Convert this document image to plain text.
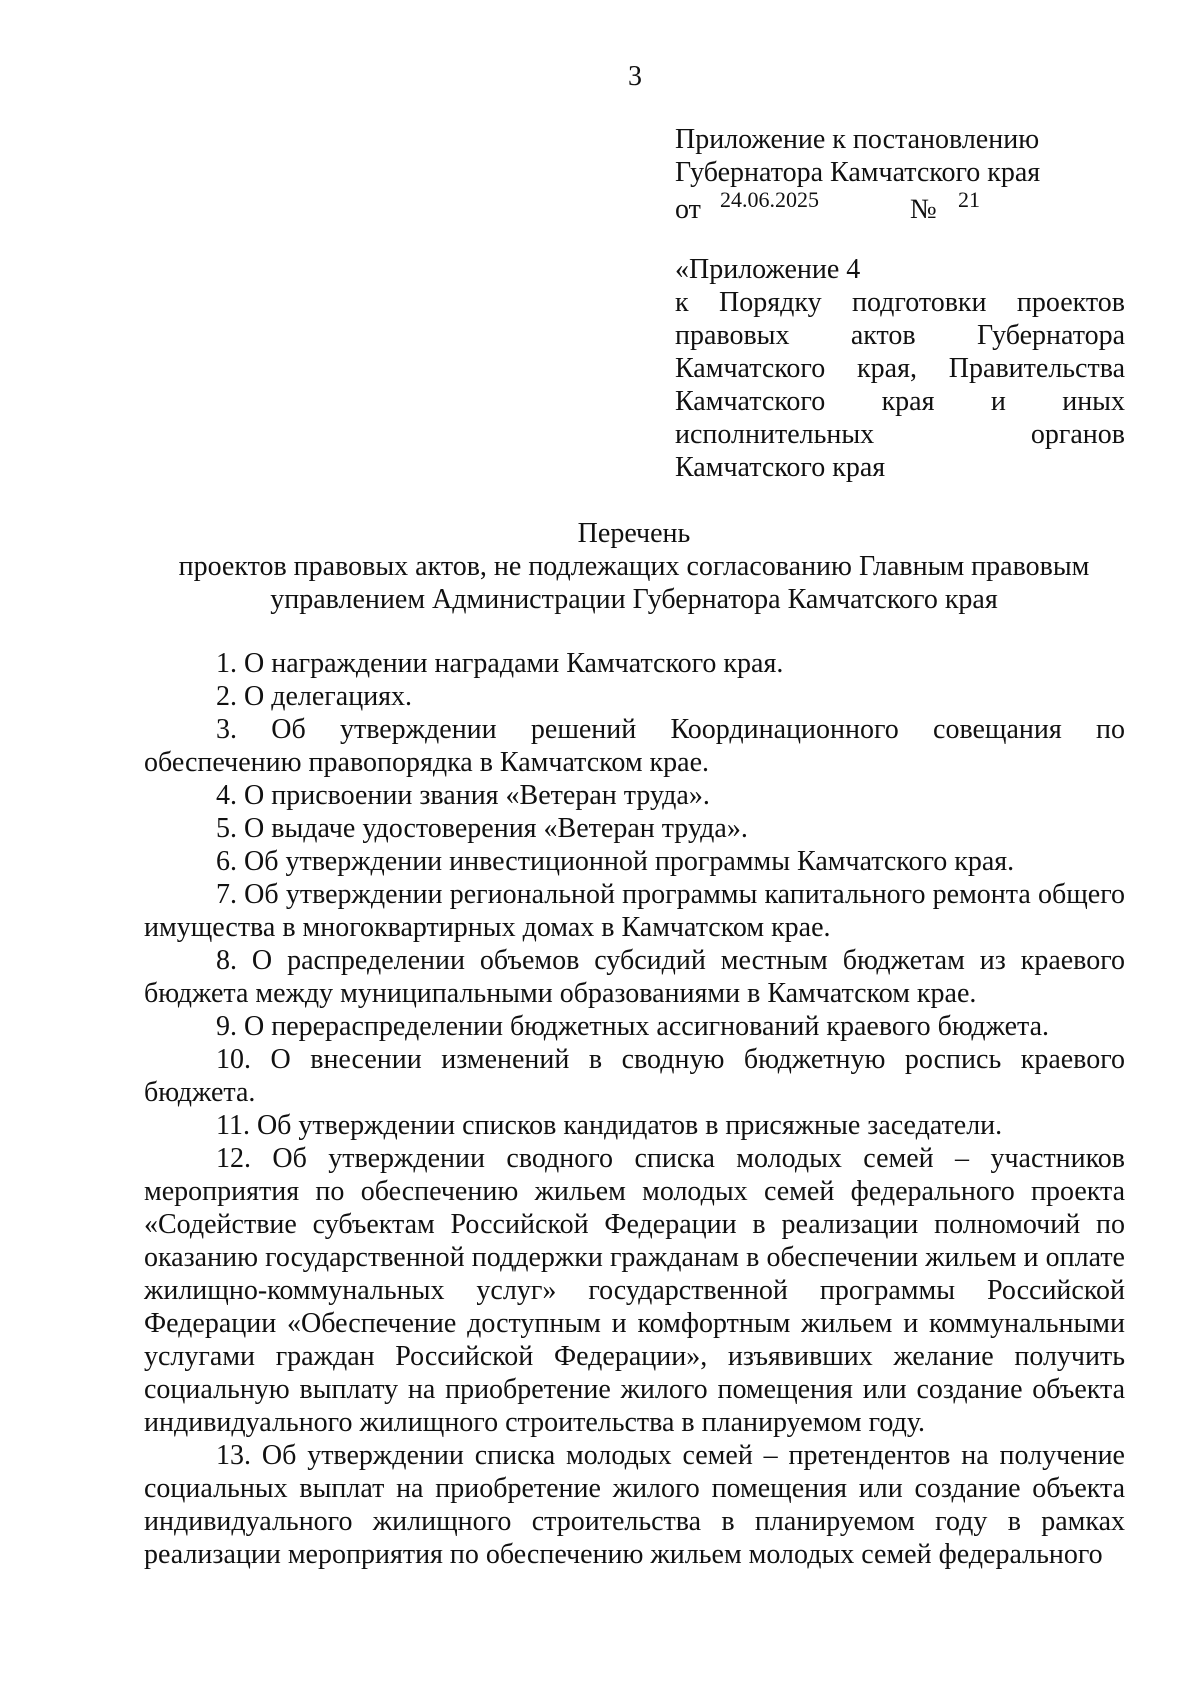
3
Приложение к постановлению
Губернатора Камчатского края
от 24.06.2025	№ 21
«Приложение 4
к Порядку подготовки проектов правовых актов Губернатора Камчатского края, Правительства Камчатского края и иных исполнительных органов Камчатского края
Перечень
проектов правовых актов, не подлежащих согласованию Главным правовым управлением Администрации Губернатора Камчатского края

1. О награждении наградами Камчатского края.

2. О делегациях.

3. Об утверждении решений Координационного совещания по обеспечению правопорядка в Камчатском крае.

4. О присвоении звания «Ветеран труда».

5. О выдаче удостоверения «Ветеран труда».

6. Об утверждении инвестиционной программы Камчатского края.

7. Об утверждении региональной программы капитального ремонта общего имущества в многоквартирных домах в Камчатском крае.

8. О распределении объемов субсидий местным бюджетам из краевого бюджета между муниципальными образованиями в Камчатском крае.

9. О перераспределении бюджетных ассигнований краевого бюджета.

10. О внесении изменений в сводную бюджетную роспись краевого бюджета.

11. Об утверждении списков кандидатов в присяжные заседатели.

12. Об утверждении сводного списка молодых семей – участников мероприятия по обеспечению жильем молодых семей федерального проекта «Содействие субъектам Российской Федерации в реализации полномочий по оказанию государственной поддержки гражданам в обеспечении жильем и оплате жилищно-коммунальных услуг» государственной программы Российской Федерации «Обеспечение доступным и комфортным жильем и коммунальными услугами граждан Российской Федерации», изъявивших желание получить социальную выплату на приобретение жилого помещения или создание объекта индивидуального жилищного строительства в планируемом году.

13. Об утверждении списка молодых семей – претендентов на получение социальных выплат на приобретение жилого помещения или создание объекта индивидуального жилищного строительства в планируемом году в рамках реализации мероприятия по обеспечению жильем молодых семей федерального
